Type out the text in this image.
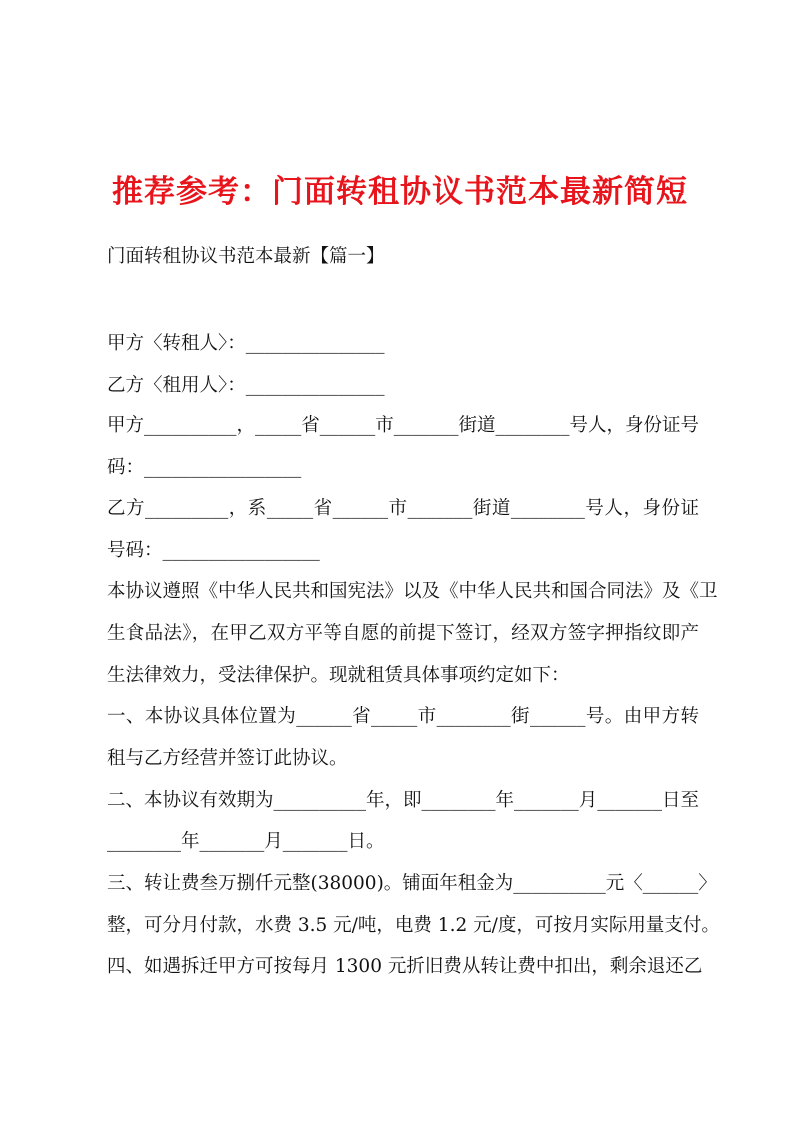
推荐参考：门面转租协议书范本最新简短
门面转租协议书范本最新【篇一】
甲方〈转租人〉：_______________
乙方〈租用人〉：_______________
甲方__________，_____省______市_______街道________号人，身份证号
码：_________________
乙方_________，系_____省______市_______街道________号人，身份证
号码：_________________
本协议遵照《中华人民共和国宪法》以及《中华人民共和国合同法》及《卫
生食品法》，在甲乙双方平等自愿的前提下签订，经双方签字押指纹即产
生法律效力，受法律保护。现就租赁具体事项约定如下：
一、本协议具体位置为______省_____市________街______号。由甲方转
租与乙方经营并签订此协议。
二、本协议有效期为__________年，即________年_______月_______日至
________年_______月_______日。
三、转让费叁万捌仟元整(38000)。铺面年租金为__________元〈______〉
整，可分月付款，水费 3.5 元/吨，电费 1.2 元/度，可按月实际用量支付。
四、如遇拆迁甲方可按每月 1300 元折旧费从转让费中扣出，剩余退还乙
